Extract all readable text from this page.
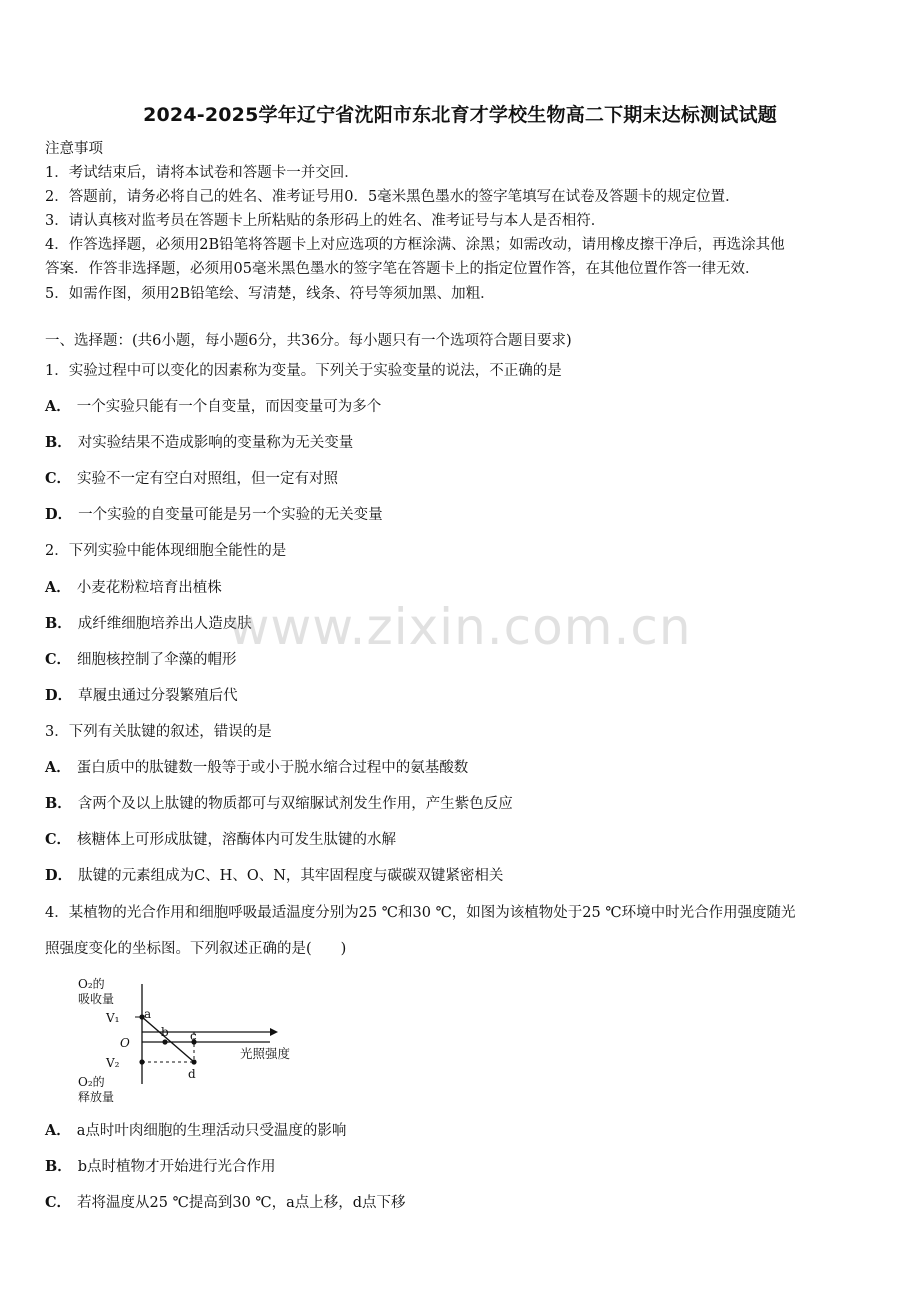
2024-2025学年辽宁省沈阳市东北育才学校生物高二下期末达标测试试题
注意事项
1．考试结束后，请将本试卷和答题卡一并交回．
2．答题前，请务必将自己的姓名、准考证号用0．5毫米黑色墨水的签字笔填写在试卷及答题卡的规定位置．
3．请认真核对监考员在答题卡上所粘贴的条形码上的姓名、准考证号与本人是否相符．
4．作答选择题，必须用2B铅笔将答题卡上对应选项的方框涂满、涂黑；如需改动，请用橡皮擦干净后，再选涂其他
答案．作答非选择题，必须用05毫米黑色墨水的签字笔在答题卡上的指定位置作答，在其他位置作答一律无效．
5．如需作图，须用2B铅笔绘、写清楚，线条、符号等须加黑、加粗．
一、选择题：(共6小题，每小题6分，共36分。每小题只有一个选项符合题目要求)
1．实验过程中可以变化的因素称为变量。下列关于实验变量的说法，不正确的是
A． 一个实验只能有一个自变量，而因变量可为多个
B． 对实验结果不造成影响的变量称为无关变量
C． 实验不一定有空白对照组，但一定有对照
D． 一个实验的自变量可能是另一个实验的无关变量
2．下列实验中能体现细胞全能性的是
A． 小麦花粉粒培育出植株
B． 成纤维细胞培养出人造皮肤
C． 细胞核控制了伞藻的帽形
D． 草履虫通过分裂繁殖后代
www.zixin.com.cn
3．下列有关肽键的叙述，错误的是
A． 蛋白质中的肽键数一般等于或小于脱水缩合过程中的氨基酸数
B． 含两个及以上肽键的物质都可与双缩脲试剂发生作用，产生紫色反应
C． 核糖体上可形成肽键，溶酶体内可发生肽键的水解
D． 肽键的元素组成为C、H、O、N，其牢固程度与碳碳双键紧密相关
4．某植物的光合作用和细胞呼吸最适温度分别为25 ℃和30 ℃，如图为该植物处于25 ℃环境中时光合作用强度随光
照强度变化的坐标图。下列叙述正确的是(　　)
O₂的
吸收量
V₁ a
b c
O
V₂
d
光照强度
O₂的
释放量
A． a点时叶肉细胞的生理活动只受温度的影响
B． b点时植物才开始进行光合作用
C． 若将温度从25 ℃提高到30 ℃，a点上移，d点下移
